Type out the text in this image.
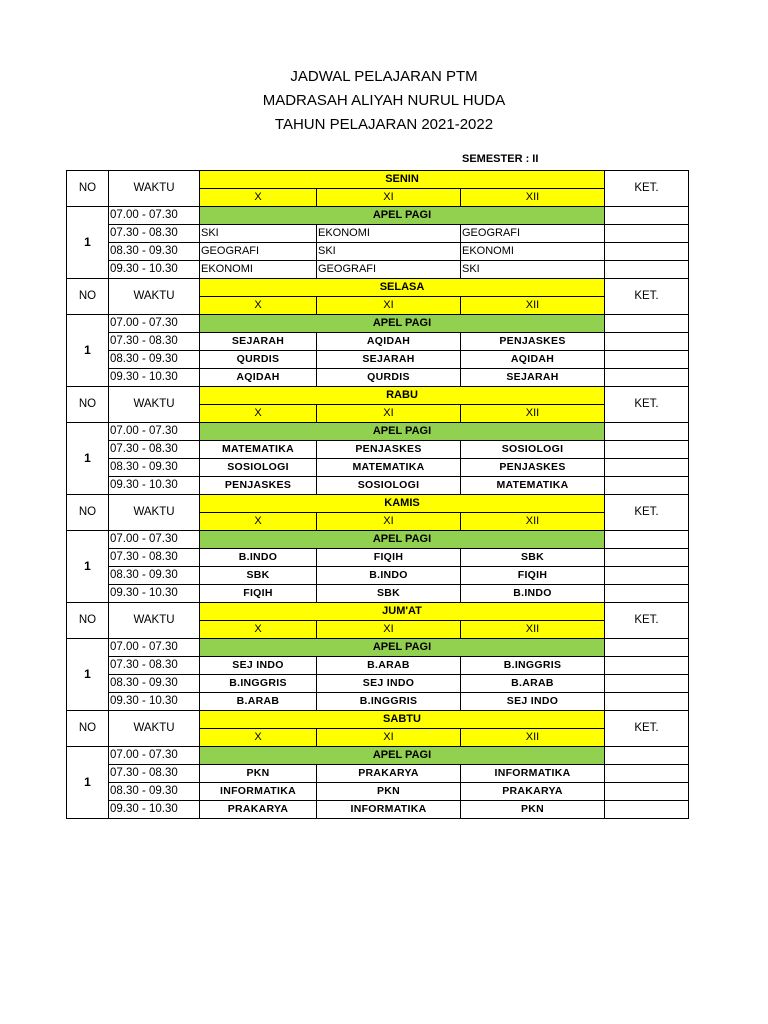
JADWAL PELAJARAN PTM
MADRASAH ALIYAH NURUL HUDA
TAHUN PELAJARAN 2021-2022
SEMESTER : II
NO	WAKTU	SENIN			KET.
		X	XI	XII	
1	07.00 - 07.30	APEL PAGI			
	07.30 - 08.30	SKI	EKONOMI	GEOGRAFI	
	08.30 - 09.30	GEOGRAFI	SKI	EKONOMI	
	09.30 - 10.30	EKONOMI	GEOGRAFI	SKI	
NO	WAKTU	SELASA			KET.
		X	XI	XII	
1	07.00 - 07.30	APEL PAGI			
	07.30 - 08.30	SEJARAH	AQIDAH	PENJASKES	
	08.30 - 09.30	QURDIS	SEJARAH	AQIDAH	
	09.30 - 10.30	AQIDAH	QURDIS	SEJARAH	
NO	WAKTU	RABU			KET.
		X	XI	XII	
1	07.00 - 07.30	APEL PAGI			
	07.30 - 08.30	MATEMATIKA	PENJASKES	SOSIOLOGI	
	08.30 - 09.30	SOSIOLOGI	MATEMATIKA	PENJASKES	
	09.30 - 10.30	PENJASKES	SOSIOLOGI	MATEMATIKA	
NO	WAKTU	KAMIS			KET.
		X	XI	XII	
1	07.00 - 07.30	APEL PAGI			
	07.30 - 08.30	B.INDO	FIQIH	SBK	
	08.30 - 09.30	SBK	B.INDO	FIQIH	
	09.30 - 10.30	FIQIH	SBK	B.INDO	
NO	WAKTU	JUM'AT			KET.
		X	XI	XII	
1	07.00 - 07.30	APEL PAGI			
	07.30 - 08.30	SEJ INDO	B.ARAB	B.INGGRIS	
	08.30 - 09.30	B.INGGRIS	SEJ INDO	B.ARAB	
	09.30 - 10.30	B.ARAB	B.INGGRIS	SEJ INDO	
NO	WAKTU	SABTU			KET.
		X	XI	XII	
1	07.00 - 07.30	APEL PAGI			
	07.30 - 08.30	PKN	PRAKARYA	INFORMATIKA	
	08.30 - 09.30	INFORMATIKA	PKN	PRAKARYA	
	09.30 - 10.30	PRAKARYA	INFORMATIKA	PKN	
